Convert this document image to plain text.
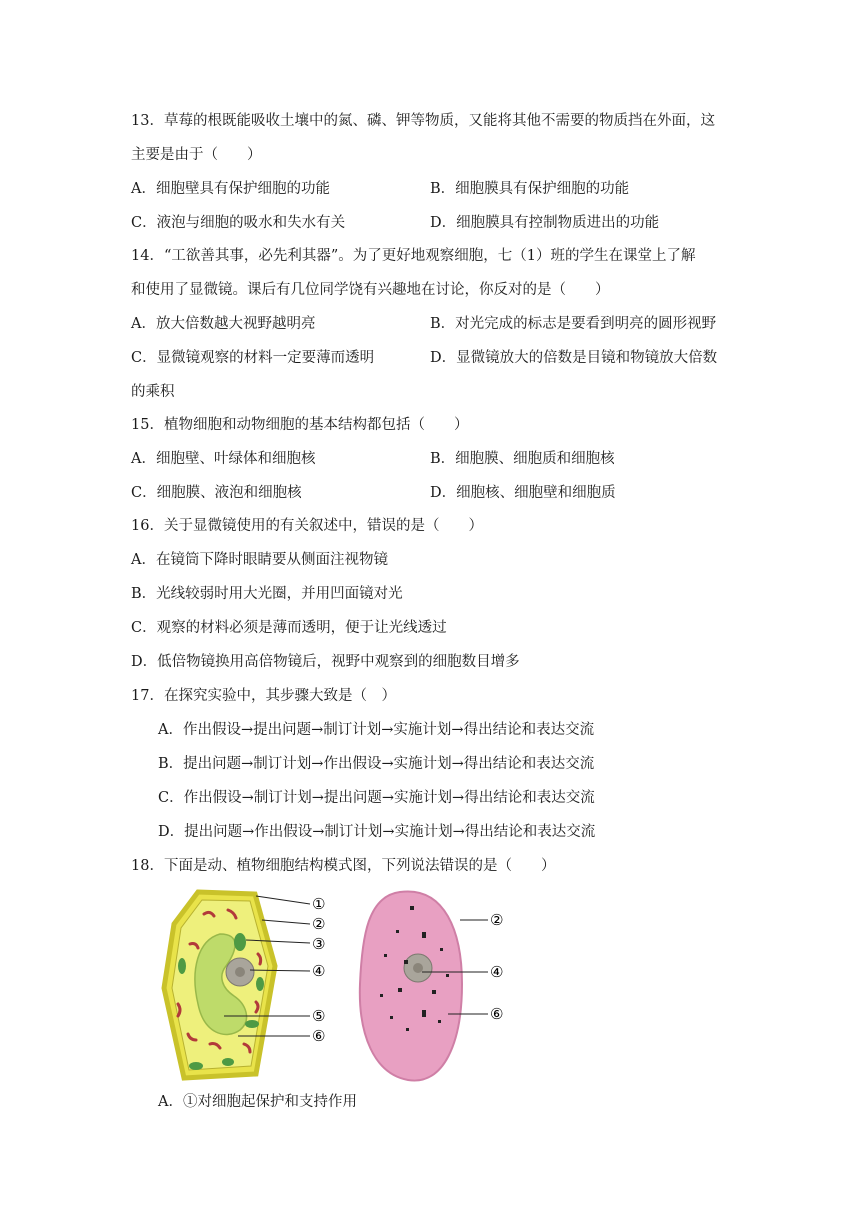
13．草莓的根既能吸收土壤中的氮、磷、钾等物质，又能将其他不需要的物质挡在外面，这
主要是由于（　　）
A．细胞壁具有保护细胞的功能	B．细胞膜具有保护细胞的功能
C．液泡与细胞的吸水和失水有关	D．细胞膜具有控制物质进出的功能
14．“工欲善其事，必先利其器”。为了更好地观察细胞，七（1）班的学生在课堂上了解
和使用了显微镜。课后有几位同学饶有兴趣地在讨论，你反对的是（　　）
A．放大倍数越大视野越明亮	B．对光完成的标志是要看到明亮的圆形视野
C．显微镜观察的材料一定要薄而透明	D．显微镜放大的倍数是目镜和物镜放大倍数
的乘积
15．植物细胞和动物细胞的基本结构都包括（　　）
A．细胞壁、叶绿体和细胞核	B．细胞膜、细胞质和细胞核
C．细胞膜、液泡和细胞核	D．细胞核、细胞壁和细胞质
16．关于显微镜使用的有关叙述中，错误的是（　　）
A．在镜筒下降时眼睛要从侧面注视物镜
B．光线较弱时用大光圈，并用凹面镜对光
C．观察的材料必须是薄而透明，便于让光线透过
D．低倍物镜换用高倍物镜后，视野中观察到的细胞数目增多
17．在探究实验中，其步骤大致是（　）
A．作出假设→提出问题→制订计划→实施计划→得出结论和表达交流
B．提出问题→制订计划→作出假设→实施计划→得出结论和表达交流
C．作出假设→制订计划→提出问题→实施计划→得出结论和表达交流
D．提出问题→作出假设→制订计划→实施计划→得出结论和表达交流
18．下面是动、植物细胞结构模式图，下列说法错误的是（　　）
①
②
③
④
⑤
⑥
②
④
⑥
A．①对细胞起保护和支持作用
